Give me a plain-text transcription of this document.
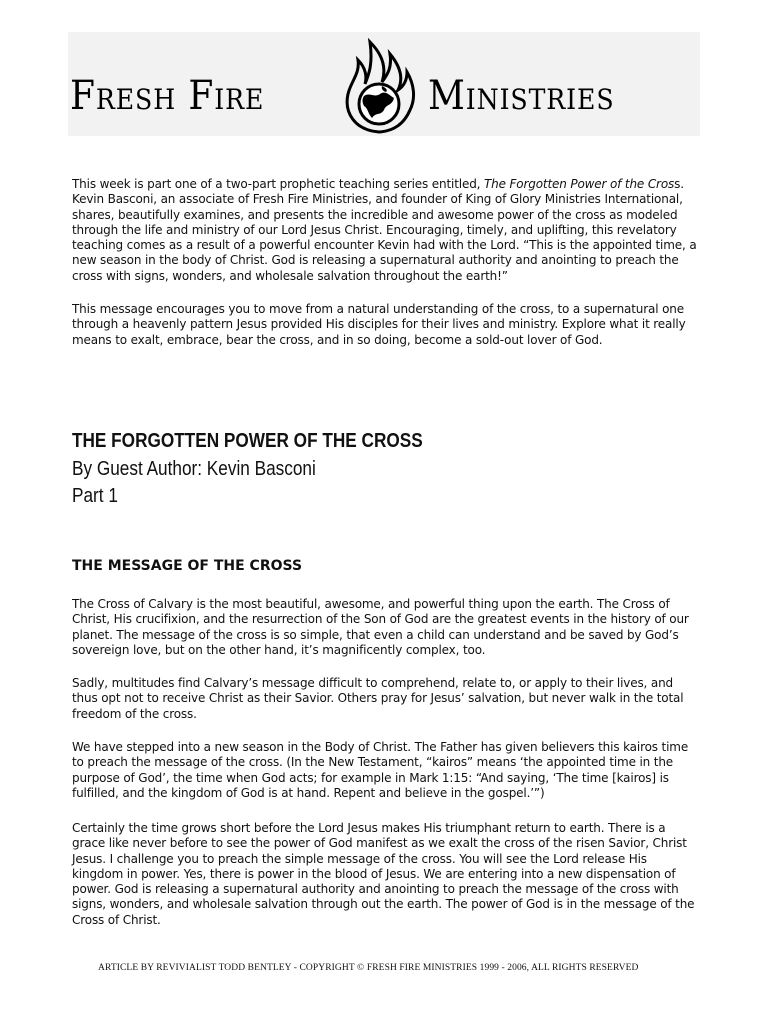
Fresh Fire	Ministries

This week is part one of a two-part prophetic teaching series entitled, The Forgotten Power of the Cross. Kevin Basconi, an associate of Fresh Fire Ministries, and founder of King of Glory Ministries International, shares, beautifully examines, and presents the incredible and awesome power of the cross as modeled through the life and ministry of our Lord Jesus Christ. Encouraging, timely, and uplifting, this revelatory teaching comes as a result of a powerful encounter Kevin had with the Lord. “This is the appointed time, a new season in the body of Christ. God is releasing a supernatural authority and anointing to preach the cross with signs, wonders, and wholesale salvation throughout the earth!”

This message encourages you to move from a natural understanding of the cross, to a supernatural one through a heavenly pattern Jesus provided His disciples for their lives and ministry. Explore what it really means to exalt, embrace, bear the cross, and in so doing, become a sold-out lover of God.

THE FORGOTTEN POWER OF THE CROSS
By Guest Author: Kevin Basconi
Part 1
THE MESSAGE OF THE CROSS

The Cross of Calvary is the most beautiful, awesome, and powerful thing upon the earth. The Cross of Christ, His crucifixion, and the resurrection of the Son of God are the greatest events in the history of our planet. The message of the cross is so simple, that even a child can understand and be saved by God’s sovereign love, but on the other hand, it’s magnificently complex, too.

Sadly, multitudes find Calvary’s message difficult to comprehend, relate to, or apply to their lives, and thus opt not to receive Christ as their Savior. Others pray for Jesus’ salvation, but never walk in the total freedom of the cross.

We have stepped into a new season in the Body of Christ. The Father has given believers this kairos time to preach the message of the cross. (In the New Testament, “kairos” means ‘the appointed time in the purpose of God’, the time when God acts; for example in Mark 1:15: “And saying, ‘The time [kairos] is fulfilled, and the kingdom of God is at hand. Repent and believe in the gospel.’”)

Certainly the time grows short before the Lord Jesus makes His triumphant return to earth. There is a grace like never before to see the power of God manifest as we exalt the cross of the risen Savior, Christ Jesus. I challenge you to preach the simple message of the cross. You will see the Lord release His kingdom in power. Yes, there is power in the blood of Jesus. We are entering into a new dispensation of power. God is releasing a supernatural authority and anointing to preach the message of the cross with signs, wonders, and wholesale salvation through out the earth. The power of God is in the message of the Cross of Christ.

ARTICLE BY REVIVIALIST TODD BENTLEY - COPYRIGHT © FRESH FIRE MINISTRIES 1999 - 2006, ALL RIGHTS RESERVED
